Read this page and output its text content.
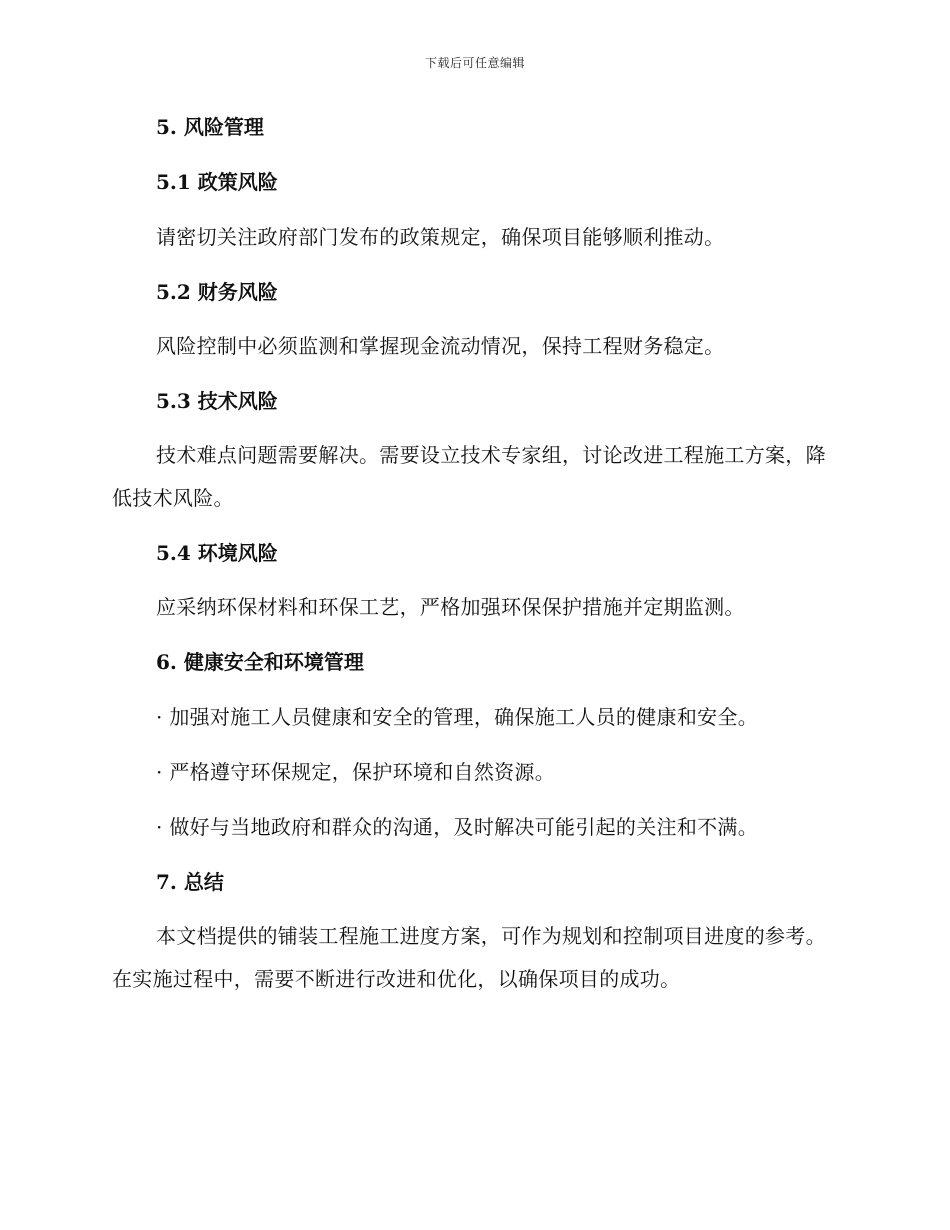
下载后可任意编辑
5. 风险管理
5.1 政策风险
请密切关注政府部门发布的政策规定，确保项目能够顺利推动。
5.2 财务风险
风险控制中必须监测和掌握现金流动情况，保持工程财务稳定。
5.3 技术风险
技术难点问题需要解决。需要设立技术专家组，讨论改进工程施工方案，降低技术风险。
5.4 环境风险
应采纳环保材料和环保工艺，严格加强环保保护措施并定期监测。
6. 健康安全和环境管理
· 加强对施工人员健康和安全的管理，确保施工人员的健康和安全。
· 严格遵守环保规定，保护环境和自然资源。
· 做好与当地政府和群众的沟通，及时解决可能引起的关注和不满。
7. 总结
本文档提供的铺装工程施工进度方案，可作为规划和控制项目进度的参考。在实施过程中，需要不断进行改进和优化，以确保项目的成功。
